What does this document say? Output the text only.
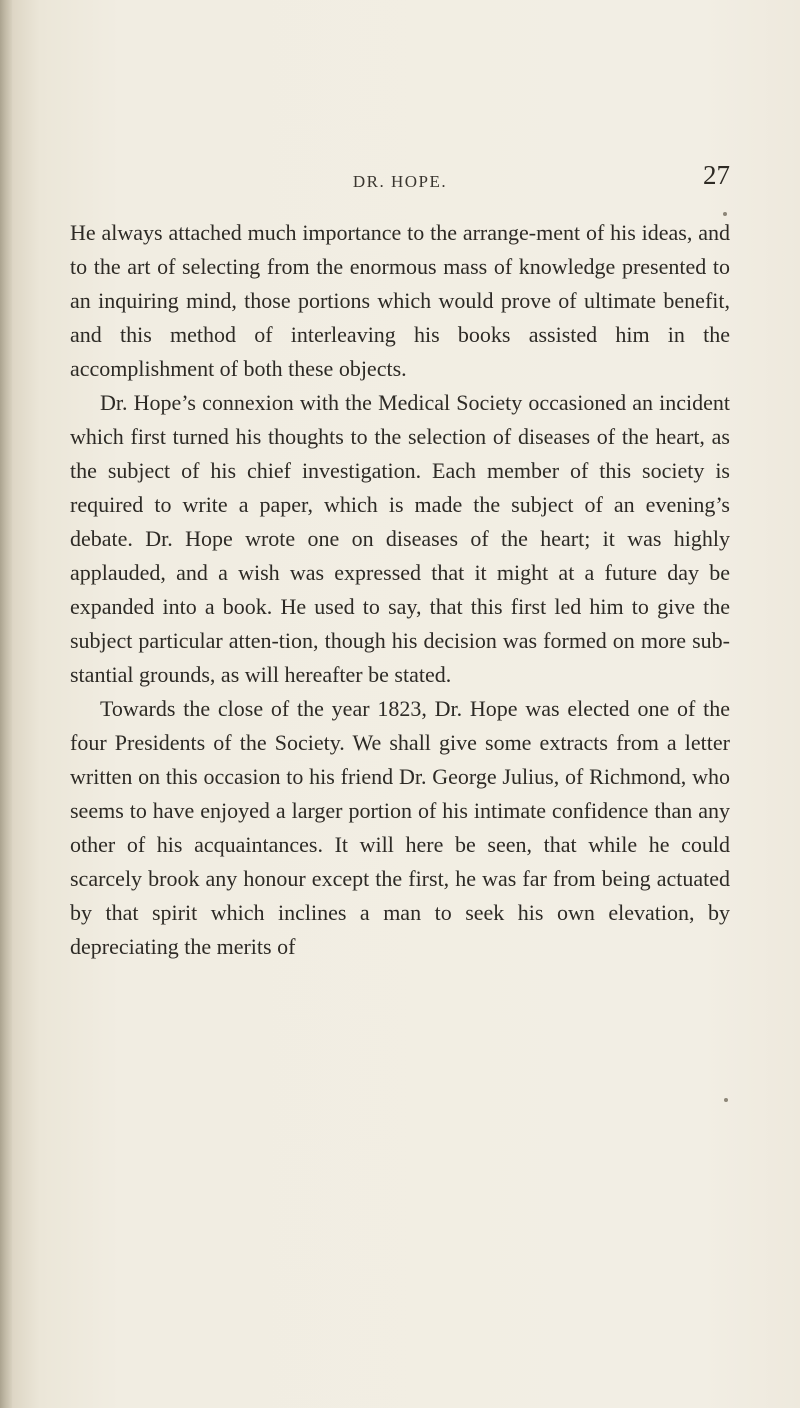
DR. HOPE.	27

He always attached much importance to the arrange-ment of his ideas, and to the art of selecting from the enormous mass of knowledge presented to an inquiring mind, those portions which would prove of ultimate benefit, and this method of interleaving his books assisted him in the accomplishment of both these objects.

Dr. Hope’s connexion with the Medical Society occasioned an incident which first turned his thoughts to the selection of diseases of the heart, as the subject of his chief investigation. Each member of this society is required to write a paper, which is made the subject of an evening’s debate. Dr. Hope wrote one on diseases of the heart; it was highly applauded, and a wish was expressed that it might at a future day be expanded into a book. He used to say, that this first led him to give the subject particular atten-tion, though his decision was formed on more sub-stantial grounds, as will hereafter be stated.

Towards the close of the year 1823, Dr. Hope was elected one of the four Presidents of the Society. We shall give some extracts from a letter written on this occasion to his friend Dr. George Julius, of Richmond, who seems to have enjoyed a larger portion of his intimate confidence than any other of his acquaintances. It will here be seen, that while he could scarcely brook any honour except the first, he was far from being actuated by that spirit which inclines a man to seek his own elevation, by depreciating the merits of
